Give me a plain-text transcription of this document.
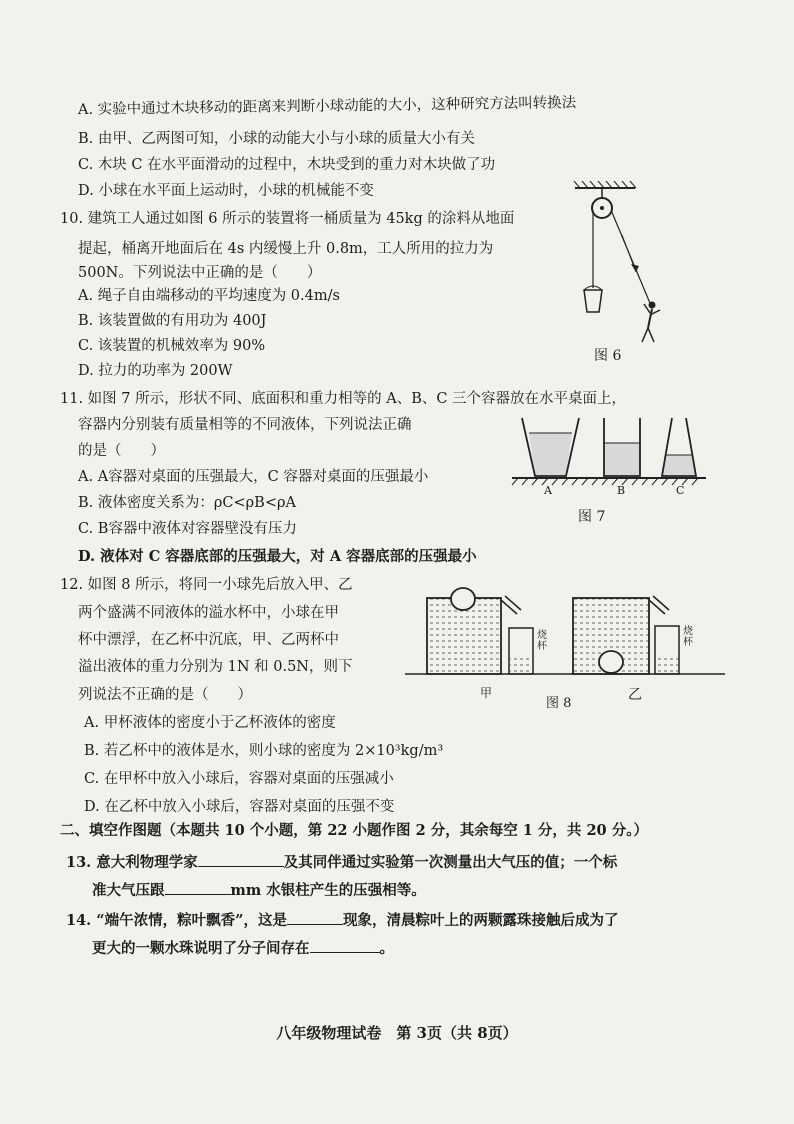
A. 实验中通过木块移动的距离来判断小球动能的大小，这种研究方法叫转换法
B. 由甲、乙两图可知，小球的动能大小与小球的质量大小有关
C. 木块 C 在水平面滑动的过程中，木块受到的重力对木块做了功
D. 小球在水平面上运动时，小球的机械能不变
10. 建筑工人通过如图 6 所示的装置将一桶质量为 45kg 的涂料从地面
提起，桶离开地面后在 4s 内缓慢上升 0.8m，工人所用的拉力为
500N。下列说法中正确的是（　　）
A. 绳子自由端移动的平均速度为 0.4m/s
B. 该装置做的有用功为 400J
C. 该装置的机械效率为 90%
D. 拉力的功率为 200W
图 6
11. 如图 7 所示，形状不同、底面积和重力相等的 A、B、C 三个容器放在水平桌面上，
容器内分别装有质量相等的不同液体，下列说法正确
的是（　　）
A. A容器对桌面的压强最大，C 容器对桌面的压强最小
B. 液体密度关系为：ρC<ρB<ρA
C. B容器中液体对容器壁没有压力
D. 液体对 C 容器底部的压强最大，对 A 容器底部的压强最小
A	B	C
图 7
12. 如图 8 所示，将同一小球先后放入甲、乙
两个盛满不同液体的溢水杯中，小球在甲
杯中漂浮，在乙杯中沉底，甲、乙两杯中
溢出液体的重力分别为 1N 和 0.5N，则下
列说法不正确的是（　　）
A. 甲杯液体的密度小于乙杯液体的密度
B. 若乙杯中的液体是水，则小球的密度为 2×10³kg/m³
C. 在甲杯中放入小球后，容器对桌面的压强减小
D. 在乙杯中放入小球后，容器对桌面的压强不变
烧杯
烧杯
甲	乙
图 8
二、填空作图题（本题共 10 个小题，第 22 小题作图 2 分，其余每空 1 分，共 20 分。）
13. 意大利物理学家	及其同伴通过实验第一次测量出大气压的值；一个标
准大气压跟	mm 水银柱产生的压强相等。
14. “端午浓情，粽叶飘香”，这是	现象，清晨粽叶上的两颗露珠接触后成为了
更大的一颗水珠说明了分子间存在	。
八年级物理试卷　第 3页（共 8页）
